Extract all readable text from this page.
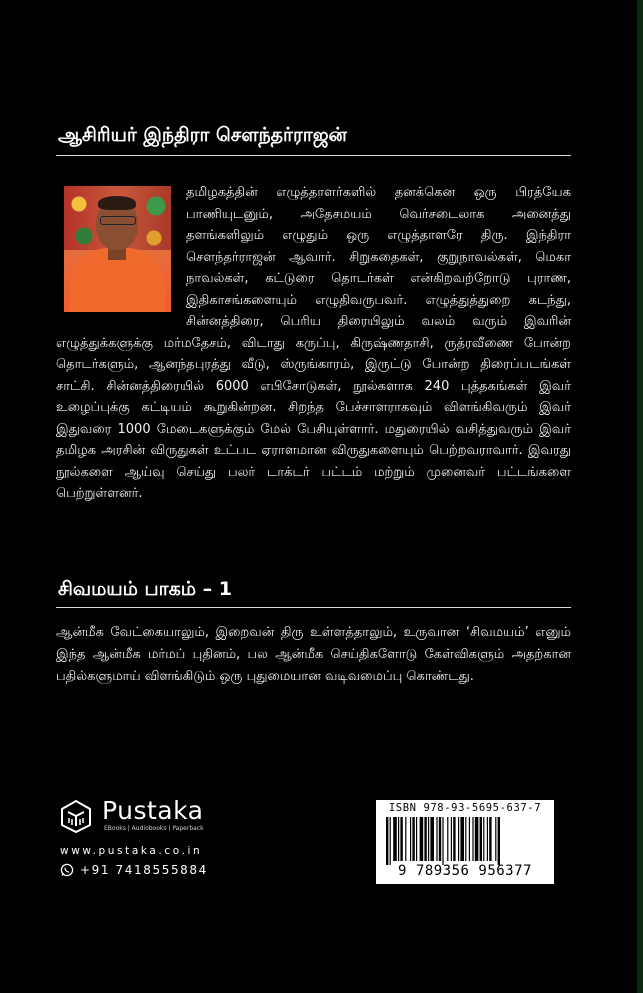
ஆசிரியர் இந்திரா சௌந்தர்ராஜன்

தமிழகத்தின் எழுத்தாளர்களில் தனக்கென ஒரு பிரத்யேக பாணியுடனும், அதேசமயம் வெர்சடைலாக அனைத்து தளங்களிலும் எழுதும் ஒரு எழுத்தாளரே திரு. இந்திரா சௌந்தர்ராஜன் ஆவார். சிறுகதைகள், குறுநாவல்கள், மெகா நாவல்கள், கட்டுரை தொடர்கள் என்கிறவற்றோடு புராண, இதிகாசங்களையும் எழுதிவருபவர். எழுத்துத்துறை கடந்து, சின்னத்திரை, பெரிய திரையிலும் வலம் வரும் இவரின் எழுத்துக்களுக்கு மர்மதேசம், விடாது கருப்பு, கிருஷ்ணதாசி, ருத்ரவீணை போன்ற தொடர்களும், ஆனந்தபுரத்து வீடு, ஸ்ருங்காரம், இருட்டு போன்ற திரைப்படங்கள் சாட்சி. சின்னத்திரையில் 6000 எபிசோடுகள், நூல்களாக 240 புத்தகங்கள் இவர் உழைப்புக்கு கட்டியம் கூறுகின்றன. சிறந்த பேச்சாளராகவும் விளங்கிவரும் இவர் இதுவரை 1000 மேடைகளுக்கும் மேல் பேசியுள்ளார். மதுரையில் வசித்துவரும் இவர் தமிழக அரசின் விருதுகள் உட்பட ஏராளமான விருதுகளையும் பெற்றவராவார். இவரது நூல்களை ஆய்வு செய்து பலர் டாக்டர் பட்டம் மற்றும் முனைவர் பட்டங்களை பெற்றுள்ளனர்.

சிவமயம் பாகம் – 1

ஆன்மீக வேட்கையாலும், இறைவன் திரு உள்ளத்தாலும், உருவான ‘சிவமயம்’ எனும் இந்த ஆன்மீக மர்மப் புதினம், பல ஆன்மீக செய்திகளோடு கேள்விகளும் அதற்கான பதில்களுமாய் விளங்கிடும் ஒரு புதுமையான வடிவமைப்பு கொண்டது.

Pustaka
EBooks | Audiobooks | Paperback
www.pustaka.co.in
+91 7418555884
ISBN 978-93-5695-637-7
9 789356 956377
